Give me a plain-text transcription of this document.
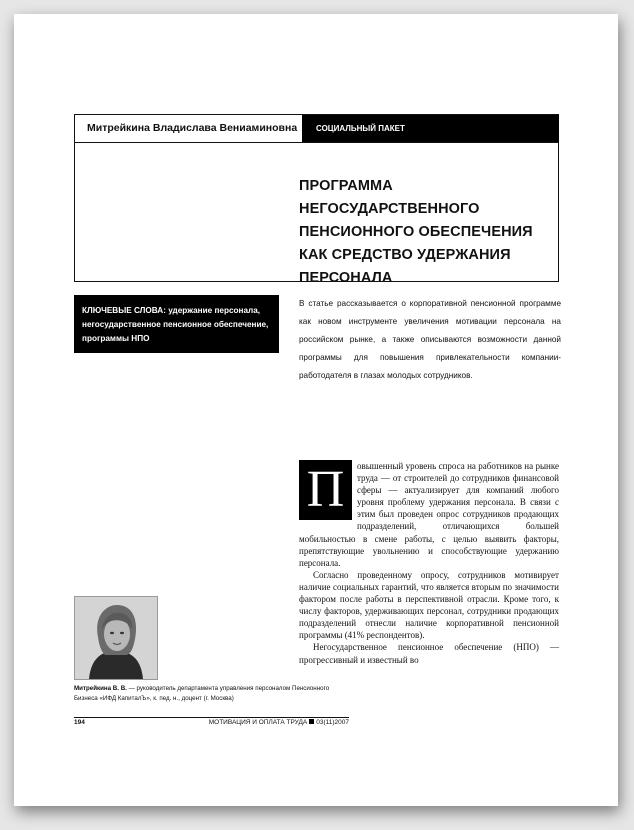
Митрейкина Владислава Вениаминовна	СОЦИАЛЬНЫЙ ПАКЕТ
ПРОГРАММА НЕГОСУДАРСТВЕННОГО
ПЕНСИОННОГО ОБЕСПЕЧЕНИЯ
КАК СРЕДСТВО УДЕРЖАНИЯ
ПЕРСОНАЛА
КЛЮЧЕВЫЕ СЛОВА: удержание персонала, негосударственное пенсионное обеспечение, программы НПО
В статье рассказывается о корпоративной пенсионной программе как новом инструменте увеличения мотивации персонала на российском рынке, а также описываются возможности данной программы для повышения привлекательности компании-работодателя в глазах молодых сотрудников.
П	овышенный уровень спроса на работников на рынке труда — от строителей до сотрудников финансовой сферы — актуализирует для компаний любого уровня проблему удержания персонала. В связи с этим был проведен опрос сотрудников продающих подразделений, отличающихся большей мобильностью в смене работы, с целью выявить факторы, препятствующие увольнению и способствующие удержанию персонала.

Согласно проведенному опросу, сотрудников мотивирует наличие социальных гарантий, что является вторым по значимости фактором после работы в перспективной отрасли. Кроме того, к числу факторов, удерживающих персонал, сотрудники продающих подразделений отнесли наличие корпоративной пенсионной программы (41% респондентов).

Негосударственное пенсионное обеспечение (НПО) — прогрессивный и известный во

Митрейкина В. В. — руководитель департамента управления персоналом Пенсионного Бизнеса «ИФД КапиталЪ», к. пед. н., доцент (г. Москва)
194	МОТИВАЦИЯ И ОПЛАТА ТРУДА 03(11)2007
